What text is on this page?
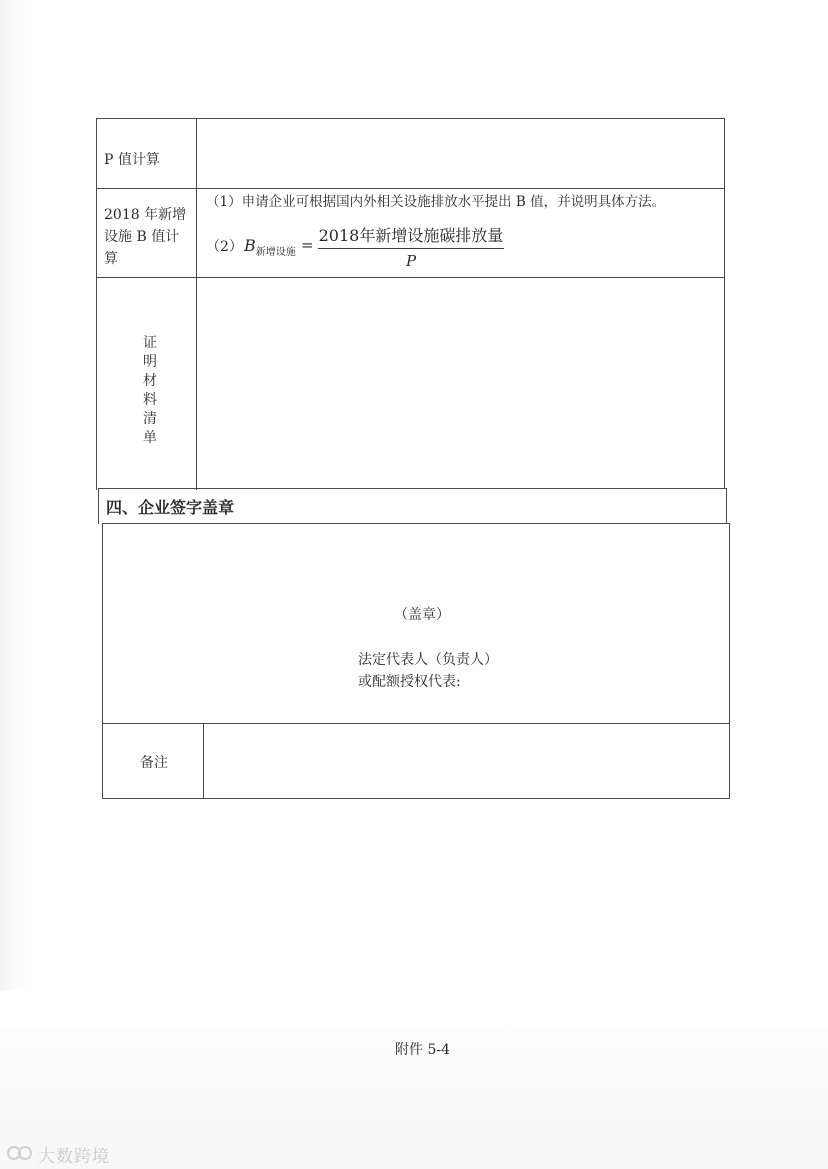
P 值计算
2018 年新增
设施 B 值计
算
（1）申请企业可根据国内外相关设施排放水平提出 B 值，并说明具体方法。
（2） $B_{新增设施} = 2018$年新增设施碳排放量
P
证
明
材
料
清
单
四、企业签字盖章
（盖章）
法定代表人（负责人）
或配额授权代表:
备注
附件 5-4
大数跨境
